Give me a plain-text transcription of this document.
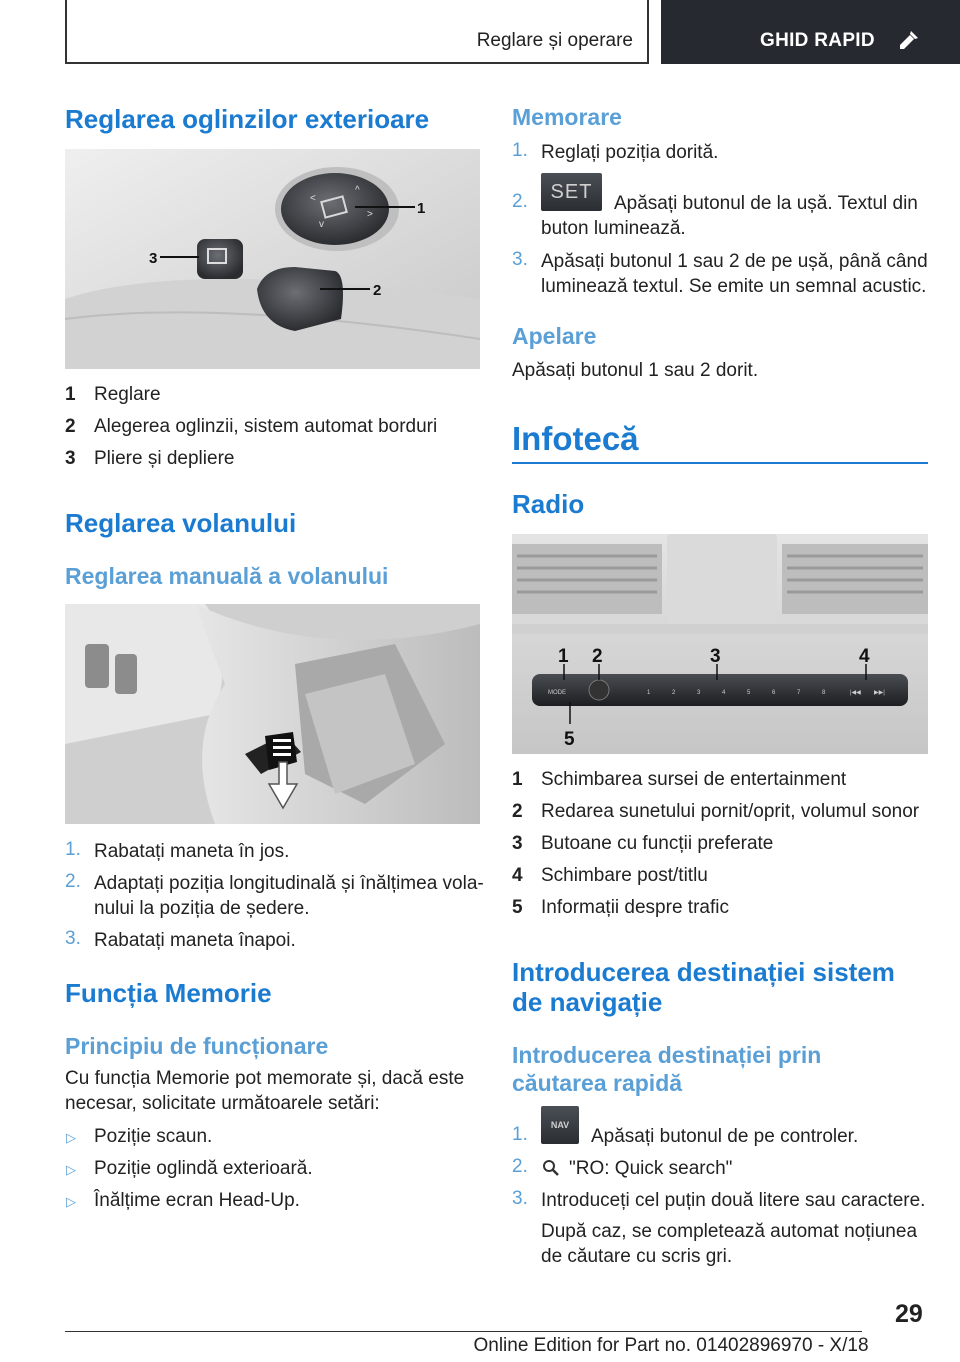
Reglare și operare	GHID RAPID
Reglarea oglinzilor exterioare
<
^
>
v
1
2
3
1 Reglare
2 Alegerea oglinzii, sistem automat borduri
3 Pliere și depliere
Reglarea volanului
Reglarea manuală a volanului
1. Rabatați maneta în jos.
2. Adaptați poziția longitudinală și înălțimea vola-
nului la poziția de ședere.
3. Rabatați maneta înapoi.
Funcția Memorie
Principiu de funcționare
Cu funcția Memorie pot memorate și, dacă este
necesar, solicitate următoarele setări:
▷ Poziție scaun.
▷ Poziție oglindă exterioară.
▷ Înălțime ecran Head-Up.
Memorare
1. Reglați poziția dorită.
2.	SET
Apăsați butonul de la ușă. Textul din
buton luminează.
3. Apăsați butonul 1 sau 2 de pe ușă, până când
luminează textul. Se emite un semnal acustic.
Apelare
Apăsați butonul 1 sau 2 dorit.
Infotecă
Radio
MODE	1	2	3	4	5	6	7	8	|◀◀ ▶▶|
1 2	3	4
5
1 Schimbarea sursei de entertainment
2 Redarea sunetului pornit/oprit, volumul sonor
3 Butoane cu funcții preferate
4 Schimbare post/titlu
5 Informații despre trafic
Introducerea destinației sistem
de navigație
Introducerea destinației prin
căutarea rapidă
1.	NAV
Apăsați butonul de pe controler.
2. "RO: Quick search"
3. Introduceți cel puțin două litere sau caractere.
După caz, se completează automat noțiunea
de căutare cu scris gri.
29
Online Edition for Part no. 01402896970 - X/18
